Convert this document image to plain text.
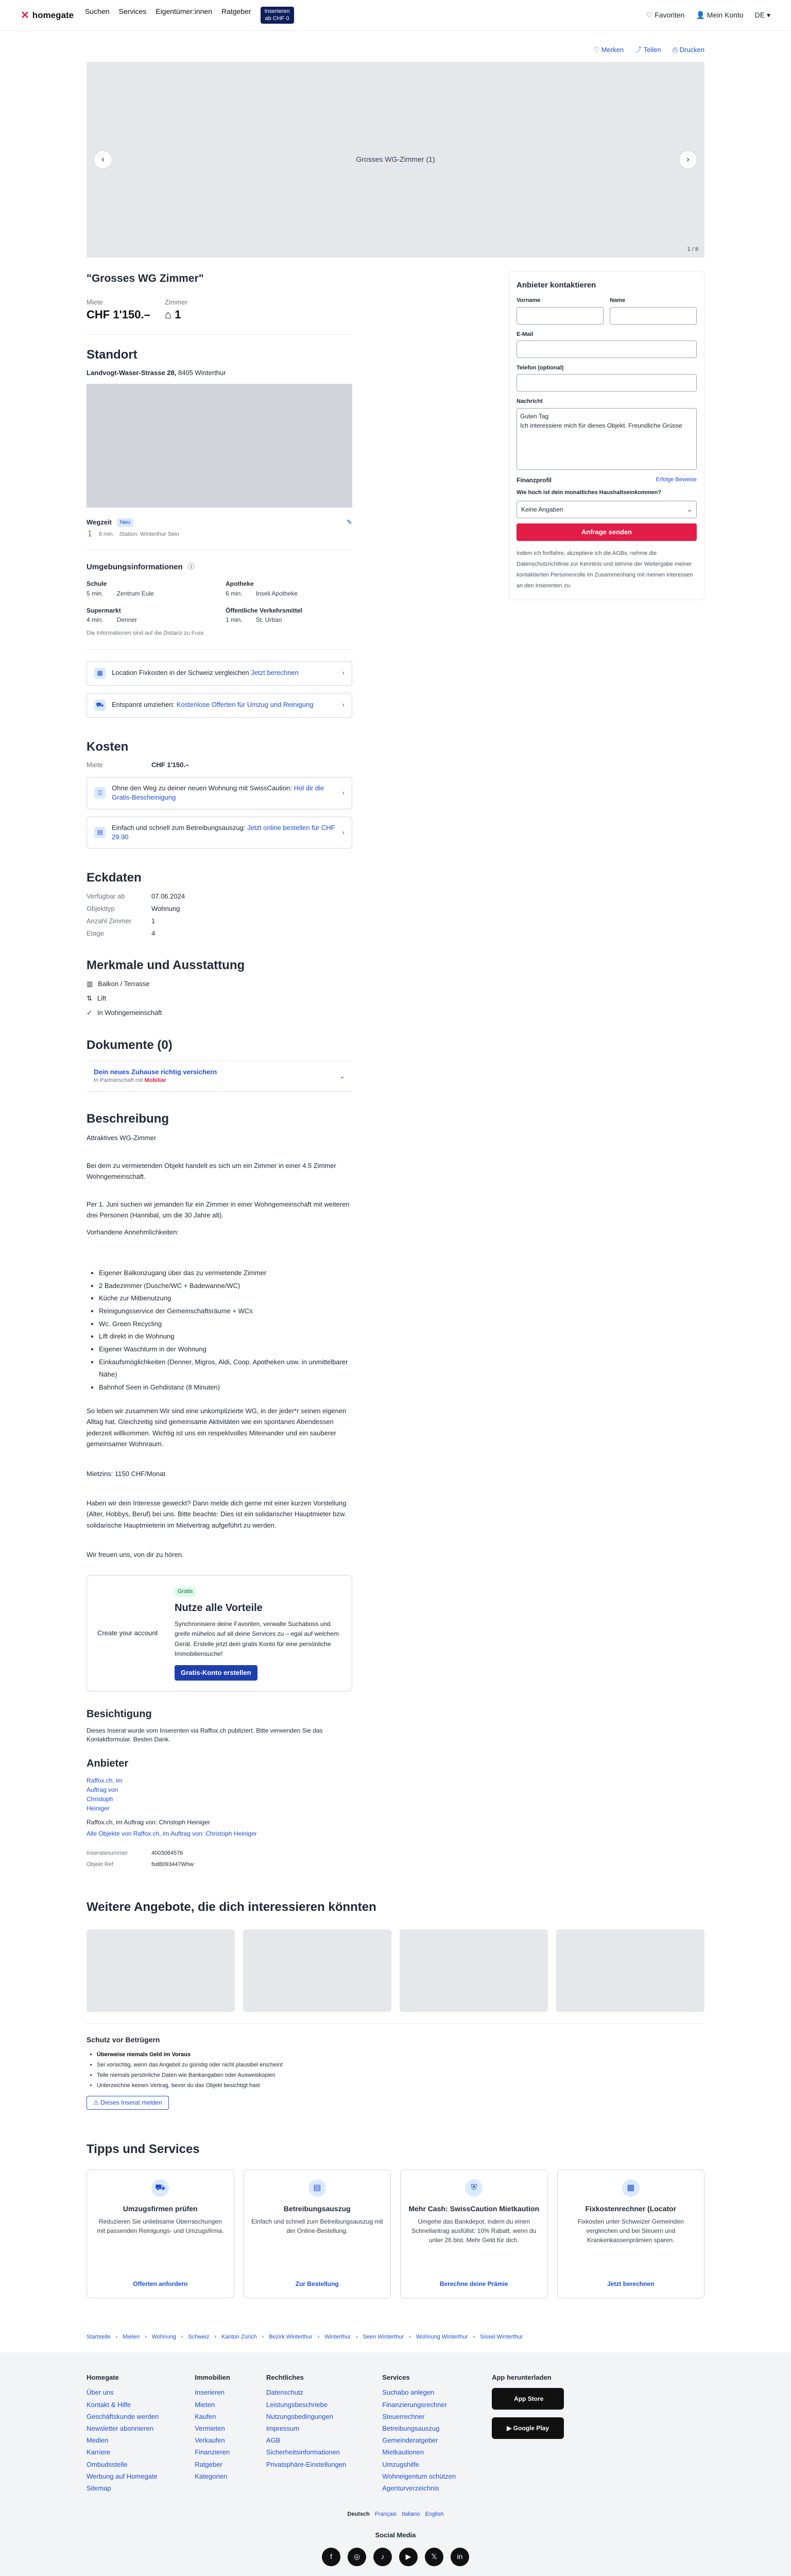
✕ homegate Suchen Services Eigentümer:innen Ratgeber	Inserieren
ab CHF 0	♡ Favoriten 👤 Mein Konto DE ▾
♡ Merken ⤴ Teilen ⎙ Drucken
Grosses WG-Zimmer (1)
‹	›
1 / 8
"Grosses WG Zimmer"
Miete
CHF 1'150.–
Zimmer
⌂ 1
Standort
Landvogt-Waser-Strasse 28, 8405 Winterthur
Wegzeit	Neu	✎
🚶 8 min. Station: Winterthur Sein
Umgebungsinformationen ⓘ
Schule
5 min. Zentrum Eule
Apotheke
6 min. Inseli Apotheke
Supermarkt
4 min. Denner
Öffentliche Verkehrsmittel
1 min. St. Urban
Die Informationen sind auf die Distanz zu Fuss
▦	Location Fixkosten in der Schweiz vergleichen Jetzt berechnen	›
⛟ Entspannt umziehen: Kostenlose Offerten für Umzug und Reinigung	›
Kosten
Miete	CHF 1'150.–
⚿
Ohne den Weg zu deiner neuen Wohnung mit SwissCaution: Hol dir die Gratis-Bescheinigung
›
▤
Einfach und schnell zum Betreibungsauszug: Jetzt online bestellen für CHF 29.90
›
Eckdaten
Verfügbar ab	07.06.2024
Objekttyp	Wohnung
Anzahl Zimmer	1
Etage	4
Merkmale und Ausstattung
▥ Balkon / Terrasse
⇅ Lift
✓ In Wohngemeinschaft
Dokumente (0)
Dein neues Zuhause richtig versichern
In Partnerschaft mit Mobiliar
⌄
Beschreibung

Attraktives WG-Zimmer

Bei dem zu vermietenden Objekt handelt es sich um ein Zimmer in einer 4.5 Zimmer Wohngemeinschaft.

Per 1. Juni suchen wir jemanden für ein Zimmer in einer Wohngemeinschaft mit weiteren drei Personen (Hannibal, um die 30 Jahre alt).

Vorhandene Annehmlichkeiten:

• Eigener Balkonzugang über das zu vermietende Zimmer
• 2 Badezimmer (Dusche/WC + Badewanne/WC)
• Küche zur Mitbenutzung
• Reinigungsservice der Gemeinschaftsräume + WCs
• Wc. Green Recycling
• Lift direkt in die Wohnung
• Eigener Waschturm in der Wohnung
• Einkaufsmöglichkeiten (Denner, Migros, Aldi, Coop, Apotheken usw. in unmittelbarer Nähe)
• Bahnhof Seen in Gehdistanz (8 Minuten)

So leben wir zusammen:Wir sind eine unkomplizierte WG, in der jeder*r seinen eigenen Alltag hat. Gleichzeitig sind gemeinsame Aktivitäten wie ein spontanes Abendessen jederzeit willkommen. Wichtig ist uns ein respektvolles Miteinander und ein sauberer gemeinsamer Wohnraum.

Mietzins: 1150 CHF/Monat

Haben wir dein Interesse geweckt? Dann melde dich gerne mit einer kurzen Vorstellung (Alter, Hobbys, Beruf) bei uns. Bitte beachte: Dies ist ein solidarischer Hauptmieter bzw. solidarische Hauptmieterin im Mietvertrag aufgeführt zu werden.

Wir freuen uns, von dir zu hören.

Create your account
Gratis
Nutze alle Vorteile

Synchronisiere deine Favoriten, verwalte Suchaboss und greife mühelos auf all deine Services zu – egal auf welchem Gerät. Erstelle jetzt dein gratis Konto für eine persönliche Immobiliensuche!

Gratis-Konto erstellen
Besichtigung

Dieses Inserat wurde vom Inserenten via Raffox.ch publiziert. Bitte verwenden Sie das Kontaktformular. Besten Dank.

Anbieter
Raffox.ch, im
Auftrag von
Christoph
Heiniger

Raffox.ch, im Auftrag von: Christoph Heiniger

Alle Objekte von Raffox.ch, im Auftrag von: Christoph Heiniger
Inseratenummer	4003064576
Objekt Ref	fsd8093447Whw
Anbieter kontaktieren
Vorname	Name
E-Mail
Telefon (optional)
Nachricht
Guten Tag
Ich interessiere mich für dieses Objekt. Freundliche Grüsse
Finanzprofil	Erfolge Beweise
Wie hoch ist dein monatliches Haushaltseinkommen?
Keine Angaben	⌄
Anfrage senden

Indem ich fortfahre, akzeptiere ich die AGBs, nehme die Datenschutzrichtlinie zur Kenntnis und stimme der Weitergabe meiner kontaktierten Personenrolle im Zusammenhang mit meinen Interessen an den Inserenten zu.

Weitere Angebote, die dich interessieren könnten
Schutz vor Betrügern
• Überweise niemals Geld im Voraus
• Sei vorsichtig, wenn das Angebot zu günstig oder nicht plausibel erscheint
• Teile niemals persönliche Daten wie Bankangaben oder Ausweiskopien
• Unterzeichne keinen Vertrag, bevor du das Objekt besichtigt hast
⚠ Dieses Inserat melden
Tipps und Services
⛟
Umzugsfirmen prüfen

Reduzieren Sie unliebsame Überraschungen mit passenden Reinigungs- und Umzugsfirma.

Offerten anfordern
▤
Betreibungsauszug

Einfach und schnell zum Betreibungsauszug mit der Online-Bestellung.

Zur Bestellung
⛨
Mehr Cash: SwissCaution Mietkaution

Umgehe das Bankdepot, indem du einen Schnellantrag ausfüllst: 10% Rabatt, wenn du unter 26 bist. Mehr Geld für dich.

Berechne deine Prämie
▦
Fixkostenrechner (Locator

Fixkosten unter Schweizer Gemeinden vergleichen und bei Steuern und Krankenkassenprämien sparen.

Jetzt berechnen
Startseite › Mieten › Wohnung › Schweiz › Kanton Zürich › Bezirk Winterthur › Winterthur › Seen Winterthur › Wohnung Winterthur › Sissel Winterthur
Homegate
Über uns
Kontakt & Hilfe
Geschäftskunde werden
Newsletter abonnieren
Medien
Karriere
Ombudsstelle
Werbung auf Homegate
Sitemap
Immobilien
Inserieren
Mieten
Kaufen
Vermieten
Verkaufen
Finanzieren
Ratgeber
Kategorien
Rechtliches
Datenschutz
Leistungsbeschriebe
Nutzungsbedingungen
Impressum
AGB
Sicherheitsinformationen
Privatsphäre-Einstellungen
Services
Suchabo anlegen
Finanzierungsrechner
Steuerrechner
Betreibungsauszug
Gemeinderatgeber
Mietkautionen
Umzugshilfe
Wohneigentum schützen
Agenturverzeichnis
App herunterladen

App Store
▶
Google Play
Deutsch Français Italiano English
Social Media
f	◎	♪	▶	𝕏	in
